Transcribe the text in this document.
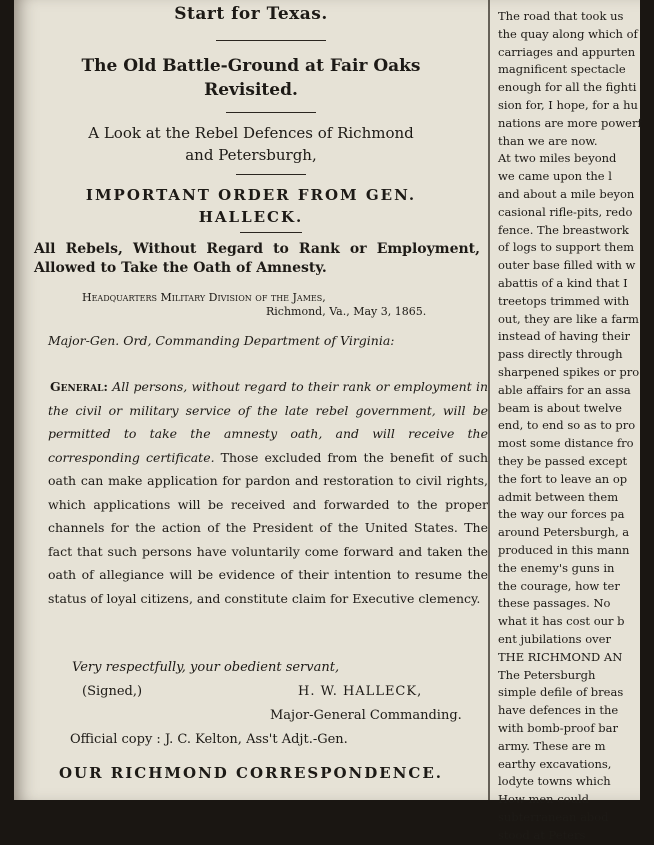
Start for Texas.
The Old Battle-Ground at Fair Oaks
Revisited.
A Look at the Rebel Defences of Richmond
and Petersburgh,
IMPORTANT ORDER FROM GEN.
HALLECK.
All Rebels, Without Regard to Rank or Employment, Allowed to Take the Oath of Amnesty.
Headquarters Military Division of the James,
Richmond, Va., May 3, 1865.
Major-Gen. Ord, Commanding Department of Virginia:
General: All persons, without regard to their rank or employment in the civil or military service of the late rebel government, will be permitted to take the amnesty oath, and will receive the corresponding certificate. Those excluded from the benefit of such oath can make application for pardon and restoration to civil rights, which applications will be received and forwarded to the proper channels for the action of the President of the United States. The fact that such persons have voluntarily come forward and taken the oath of allegiance will be evidence of their intention to resume the status of loyal citizens, and constitute claim for Executive clemency.
Very respectfully, your obedient servant,
(Signed,)	H. W. HALLECK,
Major-General Commanding.
Official copy : J. C. Kelton, Ass't Adjt.-Gen.
OUR RICHMOND CORRESPONDENCE.
The road that took us
the quay along which of
carriages and appurten
magnificent spectacle
enough for all the fighti
sion for, I hope, for a hu
nations are more powerf
than we are now.
At two miles beyond
we came upon the l
and about a mile beyon
casional rifle-pits, redo
fence. The breastwork
of logs to support them
outer base filled with w
abattis of a kind that I
treetops trimmed with
out, they are like a farm
instead of having their
pass directly through
sharpened spikes or pro
able affairs for an assa
beam is about twelve
end, to end so as to pro
most some distance fro
they be passed except
the fort to leave an op
admit between them
the way our forces pa
around Petersburgh, a
produced in this mann
the enemy's guns in
the courage, how ter
these passages. No
what it has cost our b
ent jubilations over
THE RICHMOND AN
The Petersburgh
simple defile of breas
have defences in the
with bomb-proof bar
army. These are m
earthy excavations,
lodyte towns which
How men could
subterranean abod
stood at Peters
